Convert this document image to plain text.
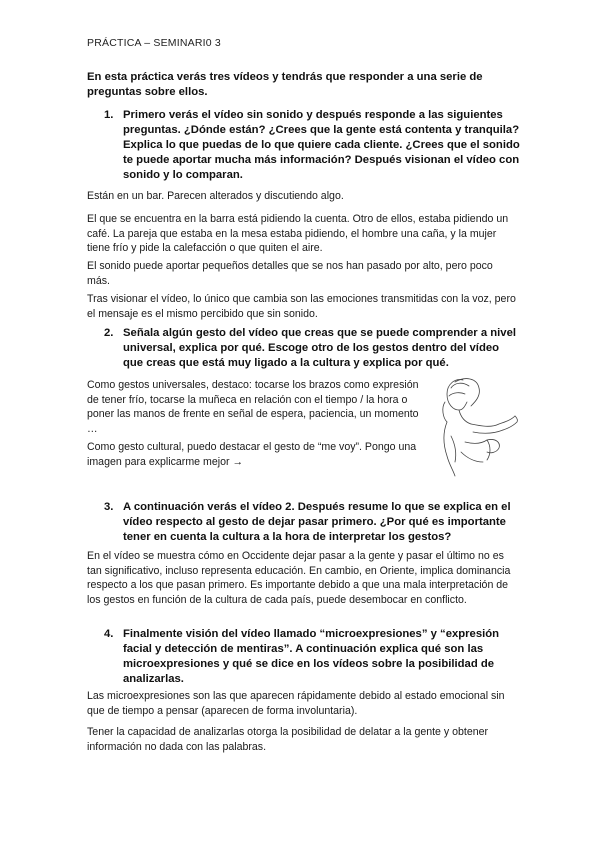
PRÁCTICA – SEMINARI0 3
En esta práctica verás tres vídeos y tendrás que responder a una serie de preguntas sobre ellos.
1. Primero verás el vídeo sin sonido y después responde a las siguientes preguntas. ¿Dónde están? ¿Crees que la gente está contenta y tranquila? Explica lo que puedas de lo que quiere cada cliente. ¿Crees que el sonido te puede aportar mucha más información? Después visionan el vídeo con sonido y lo comparan.
Están en un bar. Parecen alterados y discutiendo algo.
El que se encuentra en la barra está pidiendo la cuenta. Otro de ellos, estaba pidiendo un café. La pareja que estaba en la mesa estaba pidiendo, el hombre una caña, y la mujer tiene frío y pide la calefacción o que quiten el aire.
El sonido puede aportar pequeños detalles que se nos han pasado por alto, pero poco más.
Tras visionar el vídeo, lo único que cambia son las emociones transmitidas con la voz, pero el mensaje es el mismo percibido que sin sonido.
2. Señala algún gesto del vídeo que creas que se puede comprender a nivel universal, explica por qué. Escoge otro de los gestos dentro del vídeo que creas que está muy ligado a la cultura y explica por qué.
Como gestos universales, destaco: tocarse los brazos como expresión de tener frío, tocarse la muñeca en relación con el tiempo / la hora o poner las manos de frente en señal de espera, paciencia, un momento …
Como gesto cultural, puedo destacar el gesto de “me voy”. Pongo una imagen para explicarme mejor →
3. A continuación verás el vídeo 2. Después resume lo que se explica en el vídeo respecto al gesto de dejar pasar primero. ¿Por qué es importante tener en cuenta la cultura a la hora de interpretar los gestos?
En el vídeo se muestra cómo en Occidente dejar pasar a la gente y pasar el último no es tan significativo, incluso representa educación. En cambio, en Oriente, implica dominancia respecto a los que pasan primero. Es importante debido a que una mala interpretación de los gestos en función de la cultura de cada país, puede desembocar en conflicto.
4. Finalmente visión del vídeo llamado “microexpresiones” y “expresión facial y detección de mentiras”. A continuación explica qué son las microexpresiones y qué se dice en los vídeos sobre la posibilidad de analizarlas.
Las microexpresiones son las que aparecen rápidamente debido al estado emocional sin que de tiempo a pensar (aparecen de forma involuntaria).
Tener la capacidad de analizarlas otorga la posibilidad de delatar a la gente y obtener información no dada con las palabras.
